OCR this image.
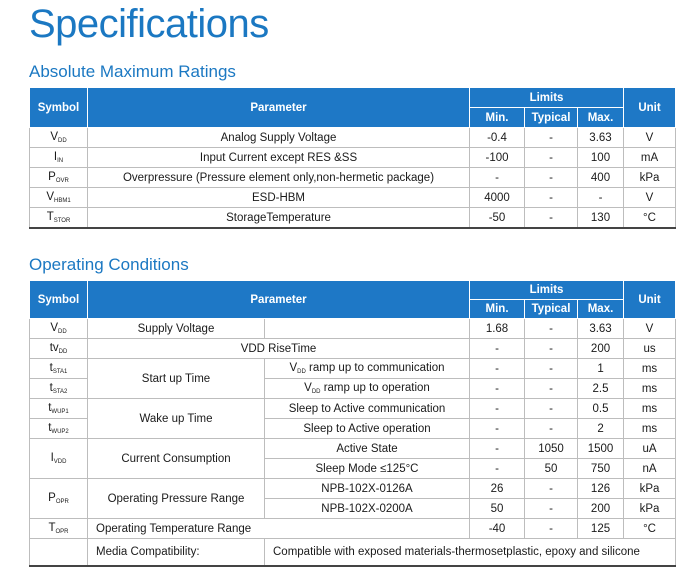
Specifications
Absolute Maximum Ratings
Symbol	Parameter	Limits			Unit
		Min.	Typical	Max.	
$V_{DD}$	Analog Supply Voltage	-0.4	-	3.63	V
$I_{IN}$	Input Current except RES &SS	-100	-	100	mA
$P_{OVR}$	Overpressure (Pressure element only,non-hermetic package)	-	-	400	kPa
$V_{HBM1}$	ESD-HBM	4000	-	-	V
$T_{STOR}$	StorageTemperature	-50	-	130	°C
Operating Conditions
Symbol	Parameter		Limits			Unit
			Min.	Typical	Max.	
$V_{DD}$	Supply Voltage		1.68	-	3.63	V
$tv_{DD}$	VDD RiseTime		-	-	200	us
$t_{STA1}$	Start up Time	$V_{DD}$ ramp up to communication	-	-	1	ms
$t_{STA2}$		$V_{DD}$ ramp up to operation	-	-	2.5	ms
$t_{WUP1}$	Wake up Time	Sleep to Active communication	-	-	0.5	ms
$t_{WUP2}$		Sleep to Active operation	-	-	2	ms
$I_{VDD}$	Current Consumption	Active State	-	1050	1500	uA
		Sleep Mode ≤125°C	-	50	750	nA
$P_{OPR}$	Operating Pressure Range	NPB-102X-0126A	26	-	126	kPa
		NPB-102X-0200A	50	-	200	kPa
$T_{OPR}$	Operating Temperature Range		-40	-	125	°C
	Media Compatibility:	Compatible with exposed materials-thermosetplastic, epoxy and silicone				
